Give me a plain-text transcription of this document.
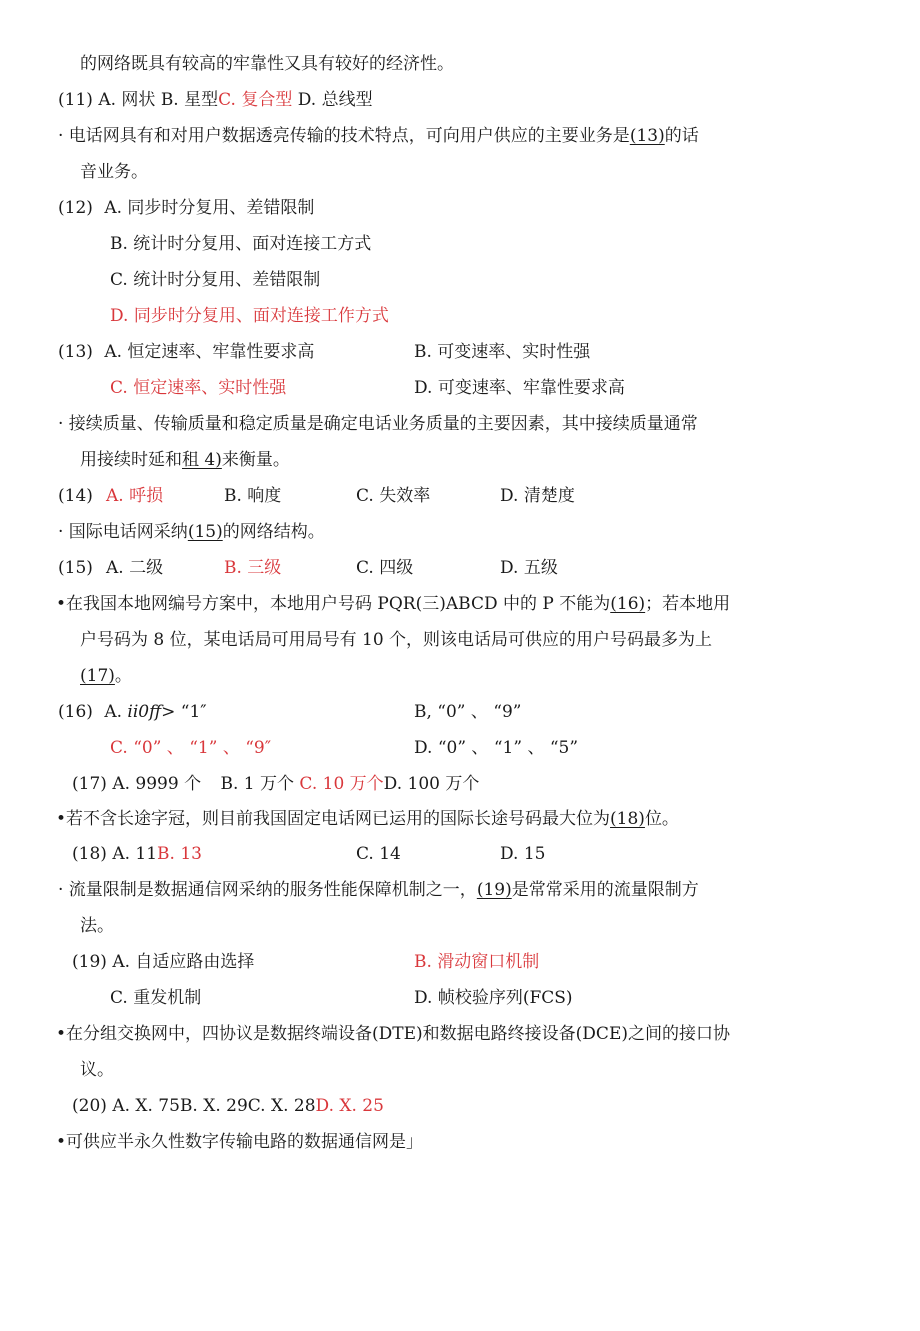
的网络既具有较高的牢靠性又具有较好的经济性。
(11) A. 网状 B. 星型C. 复合型 D. 总线型
· 电话网具有和对用户数据透亮传输的技术特点，可向用户供应的主要业务是(13)的话
音业务。
(12) A. 同步时分复用、差错限制
B. 统计时分复用、面对连接工方式
C. 统计时分复用、差错限制
D. 同步时分复用、面对连接工作方式
(13) A. 恒定速率、牢靠性要求高	B. 可变速率、实时性强
C. 恒定速率、实时性强	D. 可变速率、牢靠性要求高
· 接续质量、传输质量和稳定质量是确定电话业务质量的主要因素，其中接续质量通常
用接续时延和租 4)来衡量。
(14) A. 呼损	B. 响度	C. 失效率	D. 清楚度
· 国际电话网采纳(15)的网络结构。
(15) A. 二级	B. 三级	C. 四级	D. 五级
•在我国本地网编号方案中，本地用户号码 PQR(三)ABCD 中的 P 不能为(16)；若本地用
户号码为 8 位，某电话局可用局号有 10 个，则该电话局可供应的用户号码最多为上
(17)。
(16) A. ii0ff> “1″	B, “0” 、 “9”
C. “0” 、 “1” 、 “9″	D. “0” 、 “1” 、 “5”
(17) A. 9999 个 B. 1 万个 C. 10 万个D. 100 万个
•若不含长途字冠，则目前我国固定电话网已运用的国际长途号码最大位为(18)位。
(18) A. 11B. 13	C. 14	D. 15
· 流量限制是数据通信网采纳的服务性能保障机制之一，(19)是常常采用的流量限制方
法。
(19) A. 自适应路由选择	B. 滑动窗口机制
C. 重发机制	D. 帧校验序列(FCS)
•在分组交换网中，四协议是数据终端设备(DTE)和数据电路终接设备(DCE)之间的接口协
议。
(20) A. X. 75B. X. 29C. X. 28D. X. 25
•可供应半永久性数字传输电路的数据通信网是」
